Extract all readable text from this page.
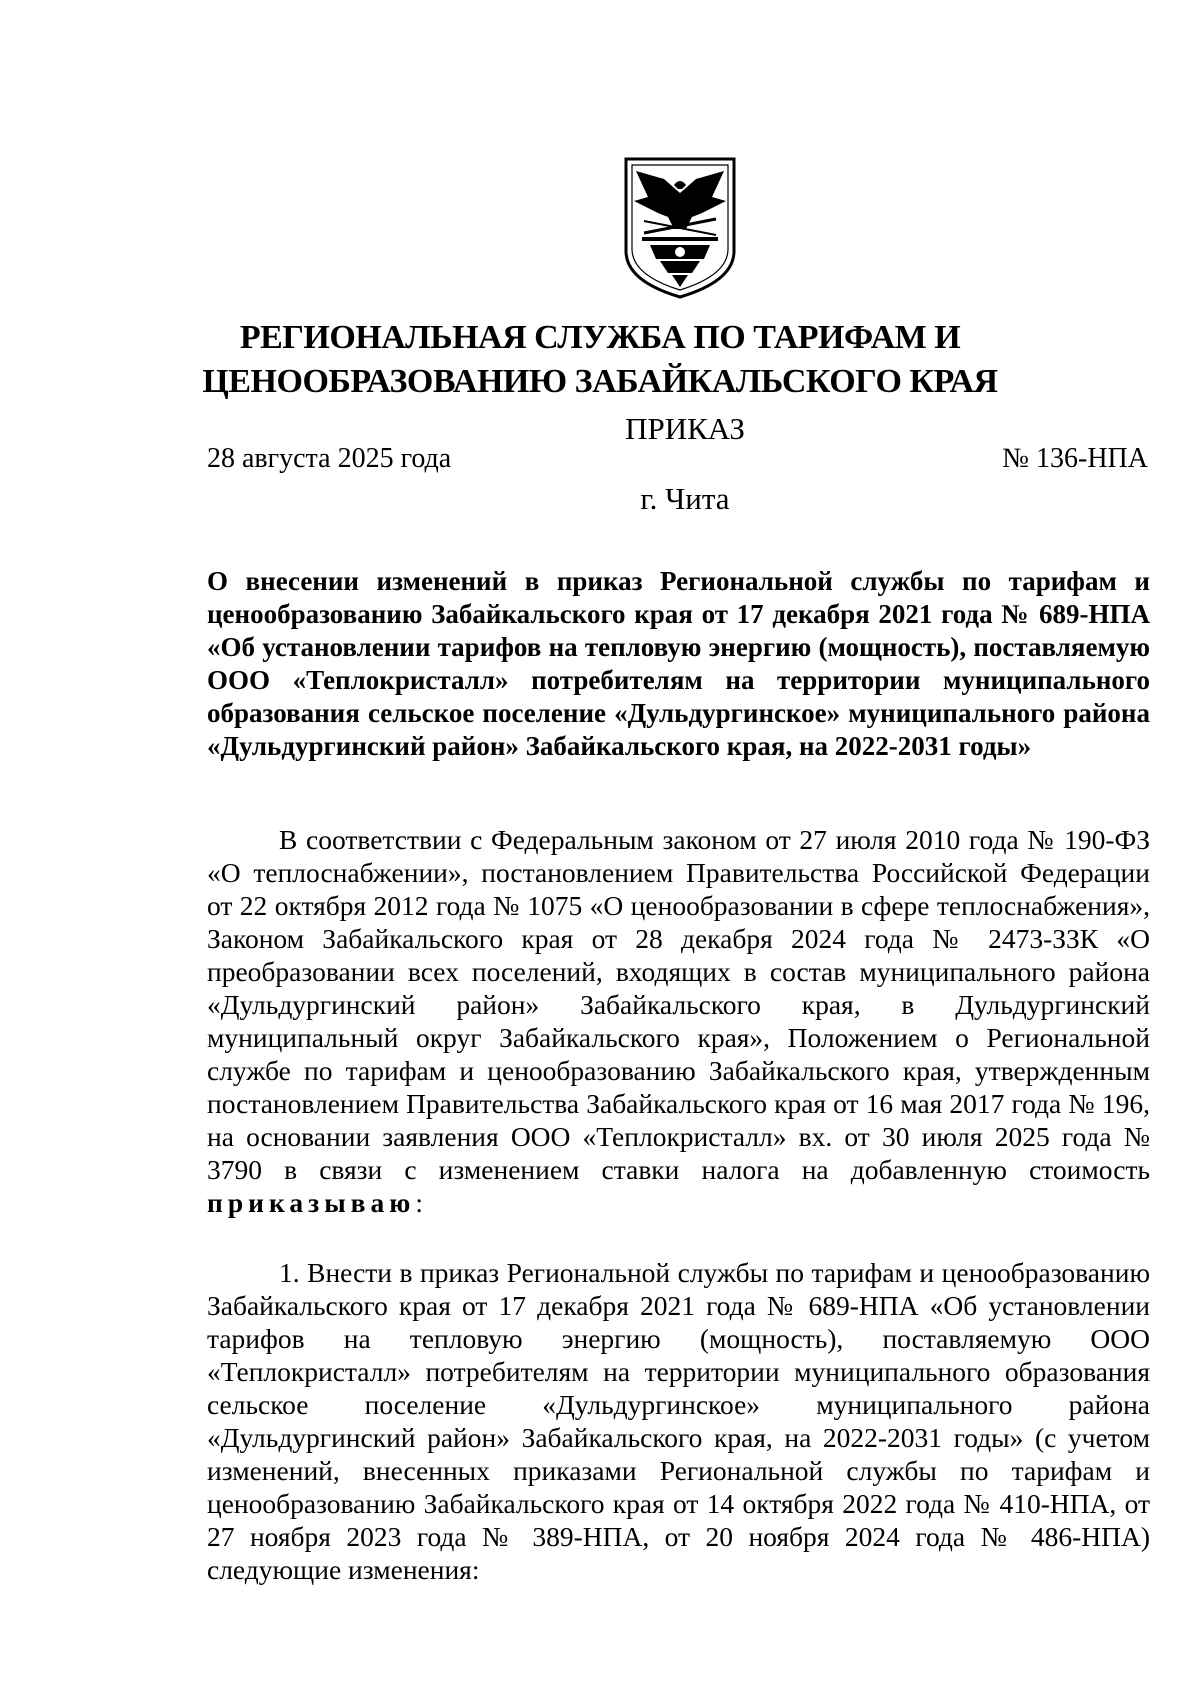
РЕГИОНАЛЬНАЯ СЛУЖБА ПО ТАРИФАМ И
ЦЕНООБРАЗОВАНИЮ ЗАБАЙКАЛЬСКОГО КРАЯ
ПРИКАЗ
28 августа 2025 года	№ 136-НПА
г. Чита
О внесении изменений в приказ Региональной службы по тарифам и ценообразованию Забайкальского края от 17 декабря 2021 года № 689-НПА «Об установлении тарифов на тепловую энергию (мощность), поставляемую ООО «Теплокристалл» потребителям на территории муниципального образования сельское поселение «Дульдургинское» муниципального района «Дульдургинский район» Забайкальского края, на 2022-2031 годы»
В соответствии с Федеральным законом от 27 июля 2010 года № 190-ФЗ «О теплоснабжении», постановлением Правительства Российской Федерации от 22 октября 2012 года № 1075 «О ценообразовании в сфере теплоснабжения», Законом Забайкальского края от 28 декабря 2024 года № 2473-ЗЗК «О преобразовании всех поселений, входящих в состав муниципального района «Дульдургинский район» Забайкальского края, в Дульдургинский муниципальный округ Забайкальского края», Положением о Региональной службе по тарифам и ценообразованию Забайкальского края, утвержденным постановлением Правительства Забайкальского края от 16 мая 2017 года № 196, на основании заявления ООО «Теплокристалл» вх. от 30 июля 2025 года № 3790 в связи с изменением ставки налога на добавленную стоимость приказываю:
1. Внести в приказ Региональной службы по тарифам и ценообразованию Забайкальского края от 17 декабря 2021 года № 689-НПА «Об установлении тарифов на тепловую энергию (мощность), поставляемую ООО «Теплокристалл» потребителям на территории муниципального образования сельское поселение «Дульдургинское» муниципального района «Дульдургинский район» Забайкальского края, на 2022-2031 годы» (с учетом изменений, внесенных приказами Региональной службы по тарифам и ценообразованию Забайкальского края от 14 октября 2022 года № 410-НПА, от 27 ноября 2023 года № 389-НПА, от 20 ноября 2024 года № 486-НПА) следующие изменения:
